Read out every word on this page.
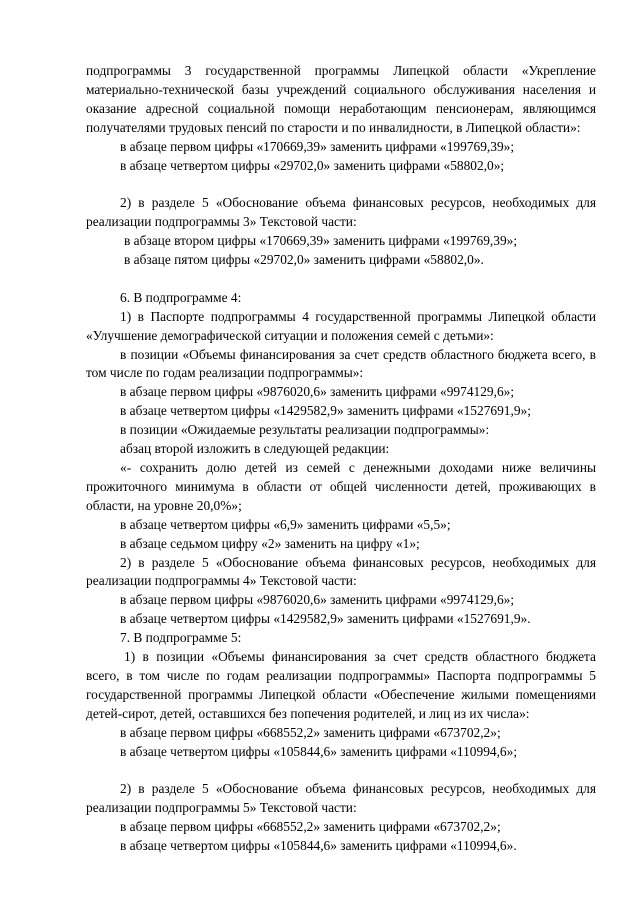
подпрограммы 3 государственной программы Липецкой области «Укрепление материально-технической базы учреждений социального обслуживания населения и оказание адресной социальной помощи неработающим пенсионерам, являющимся получателями трудовых пенсий по старости и по инвалидности, в Липецкой области»:

в абзаце первом цифры «170669,39» заменить цифрами «199769,39»;

в абзаце четвертом цифры «29702,0» заменить цифрами «58802,0»;

2) в разделе 5 «Обоснование объема финансовых ресурсов, необходимых для реализации подпрограммы 3» Текстовой части:

в абзаце втором цифры «170669,39» заменить цифрами «199769,39»;

в абзаце пятом цифры «29702,0» заменить цифрами «58802,0».

6. В подпрограмме 4:

1) в Паспорте подпрограммы 4 государственной программы Липецкой области «Улучшение демографической ситуации и положения семей с детьми»:

в позиции «Объемы финансирования за счет средств областного бюджета всего, в том числе по годам реализации подпрограммы»:

в абзаце первом цифры «9876020,6» заменить цифрами «9974129,6»;

в абзаце четвертом цифры «1429582,9» заменить цифрами «1527691,9»;

в позиции «Ожидаемые результаты реализации подпрограммы»:

абзац второй изложить в следующей редакции:

«- сохранить долю детей из семей с денежными доходами ниже величины прожиточного минимума в области от общей численности детей, проживающих в области, на уровне 20,0%»;

в абзаце четвертом цифры «6,9» заменить цифрами «5,5»;

в абзаце седьмом цифру «2» заменить на цифру «1»;

2) в разделе 5 «Обоснование объема финансовых ресурсов, необходимых для реализации подпрограммы 4» Текстовой части:

в абзаце первом цифры «9876020,6» заменить цифрами «9974129,6»;

в абзаце четвертом цифры «1429582,9» заменить цифрами «1527691,9».

7. В подпрограмме 5:

1) в позиции «Объемы финансирования за счет средств областного бюджета всего, в том числе по годам реализации подпрограммы» Паспорта подпрограммы 5 государственной программы Липецкой области «Обеспечение жилыми помещениями детей-сирот, детей, оставшихся без попечения родителей, и лиц из их числа»:

в абзаце первом цифры «668552,2» заменить цифрами «673702,2»;

в абзаце четвертом цифры «105844,6» заменить цифрами «110994,6»;

2) в разделе 5 «Обоснование объема финансовых ресурсов, необходимых для реализации подпрограммы 5» Текстовой части:

в абзаце первом цифры «668552,2» заменить цифрами «673702,2»;

в абзаце четвертом цифры «105844,6» заменить цифрами «110994,6».
